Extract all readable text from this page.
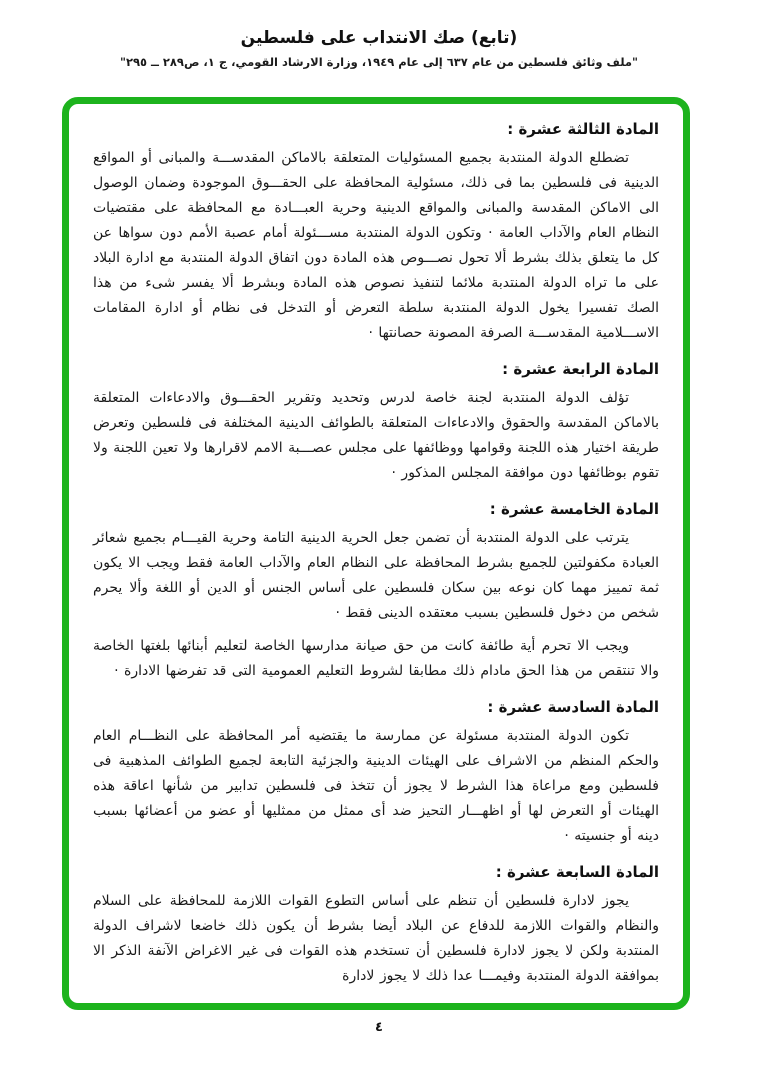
(تابع) صك الانتداب على فلسطين
"ملف وثائق فلسطين من عام ٦٣٧ إلى عام ١٩٤٩، وزارة الارشاد القومي، ج ١، ص٢٨٩ ــ ٢٩٥"
المادة الثالثة عشرة :

تضطلع الدولة المنتدبة بجميع المسئوليات المتعلقة بالاماكن المقدســـة والمبانى أو المواقع الدينية فى فلسطين بما فى ذلك، مسئولية المحافظة على الحقـــوق الموجودة وضمان الوصول الى الاماكن المقدسة والمبانى والمواقع الدينية وحرية العبـــادة مع المحافظة على مقتضيات النظام العام والآداب العامة · وتكون الدولة المنتدبة مســـئولة أمام عصبة الأمم دون سواها عن كل ما يتعلق بذلك بشرط ألا تحول نصـــوص هذه المادة دون اتفاق الدولة المنتدبة مع ادارة البلاد على ما تراه الدولة المنتدبة ملائما لتنفيذ نصوص هذه المادة وبشرط ألا يفسر شىء من هذا الصك تفسيرا يخول الدولة المنتدبة سلطة التعرض أو التدخل فى نظام أو ادارة المقامات الاســـلامية المقدســـة الصرفة المصونة حصانتها ·

المادة الرابعة عشرة :

تؤلف الدولة المنتدبة لجنة خاصة لدرس وتحديد وتقرير الحقـــوق والادعاءات المتعلقة بالاماكن المقدسة والحقوق والادعاءات المتعلقة بالطوائف الدينية المختلفة فى فلسطين وتعرض طريقة اختيار هذه اللجنة وقوامها ووظائفها على مجلس عصـــبة الامم لاقرارها ولا تعين اللجنة ولا تقوم بوظائفها دون موافقة المجلس المذكور ·

المادة الخامسة عشرة :

يترتب على الدولة المنتدبة أن تضمن جعل الحرية الدينية التامة وحرية القيـــام بجميع شعائر العبادة مكفولتين للجميع بشرط المحافظة على النظام العام والآداب العامة فقط ويجب الا يكون ثمة تمييز مهما كان نوعه بين سكان فلسطين على أساس الجنس أو الدين أو اللغة وألا يحرم شخص من دخول فلسطين بسبب معتقده الدينى فقط ·

ويجب الا تحرم أية طائفة كانت من حق صيانة مدارسها الخاصة لتعليم أبنائها بلغتها الخاصة والا تنتقص من هذا الحق مادام ذلك مطابقا لشروط التعليم العمومية التى قد تفرضها الادارة ·

المادة السادسة عشرة :

تكون الدولة المنتدبة مسئولة عن ممارسة ما يقتضيه أمر المحافظة على النظـــام العام والحكم المنظم من الاشراف على الهيئات الدينية والجزئية التابعة لجميع الطوائف المذهبية فى فلسطين ومع مراعاة هذا الشرط لا يجوز أن تتخذ فى فلسطين تدابير من شأنها اعاقة هذه الهيئات أو التعرض لها أو اظهـــار التحيز ضد أى ممثل من ممثليها أو عضو من أعضائها بسبب دينه أو جنسيته ·

المادة السابعة عشرة :

يجوز لادارة فلسطين أن تنظم على أساس التطوع القوات اللازمة للمحافظة على السلام والنظام والقوات اللازمة للدفاع عن البلاد أيضا بشرط أن يكون ذلك خاضعا لاشراف الدولة المنتدبة ولكن لا يجوز لادارة فلسطين أن تستخدم هذه القوات فى غير الاغراض الآنفة الذكر الا بموافقة الدولة المنتدبة وفيمـــا عدا ذلك لا يجوز لادارة

٤
